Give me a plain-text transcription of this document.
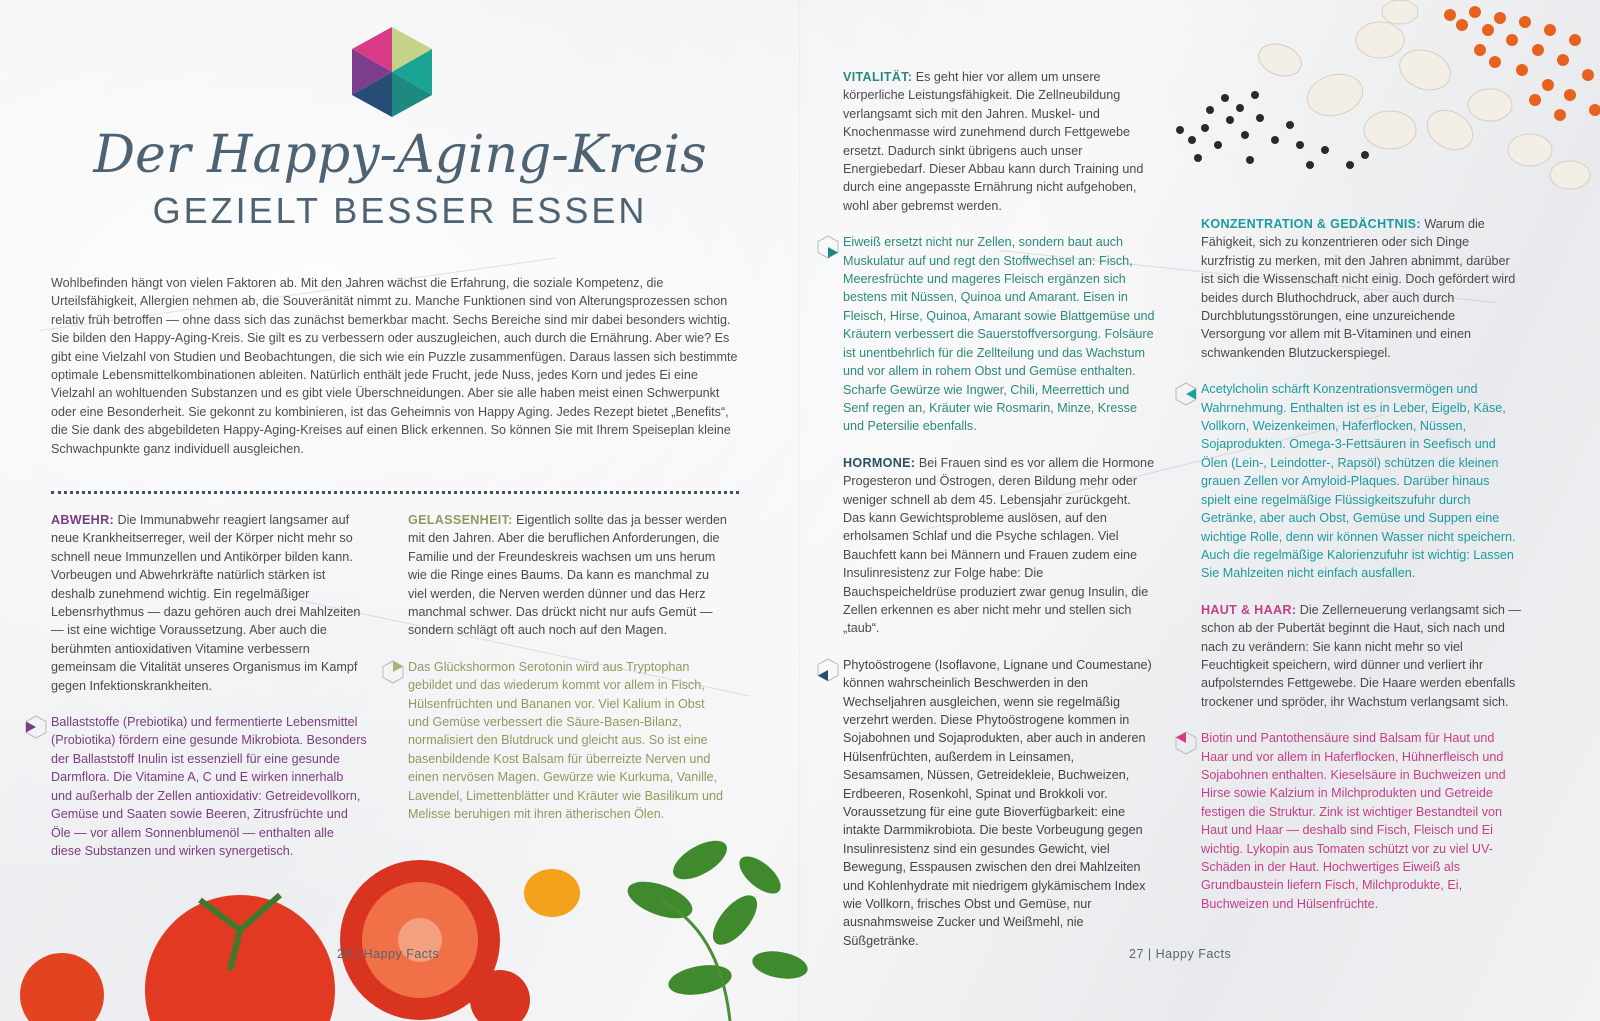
Der Happy-Aging-Kreis
GEZIELT BESSER ESSEN
Wohlbefinden hängt von vielen Faktoren ab. Mit den Jahren wächst die Erfahrung, die soziale Kompetenz, die Urteilsfähigkeit, Allergien nehmen ab, die Souveränität nimmt zu. Manche Funktionen sind von Alterungsprozessen schon relativ früh betroffen — ohne dass sich das zunächst bemerkbar macht. Sechs Bereiche sind mir dabei besonders wichtig. Sie bilden den Happy-Aging-Kreis. Sie gilt es zu verbessern oder auszugleichen, auch durch die Ernährung. Aber wie? Es gibt eine Vielzahl von Studien und Beobachtungen, die sich wie ein Puzzle zusammenfügen. Daraus lassen sich bestimmte optimale Lebensmittelkombinationen ableiten. Natürlich enthält jede Frucht, jede Nuss, jedes Korn und jedes Ei eine Vielzahl an wohltuenden Substanzen und es gibt viele Überschneidungen. Aber sie alle haben meist einen Schwerpunkt oder eine Besonderheit. Sie gekonnt zu kombinieren, ist das Geheimnis von Happy Aging. Jedes Rezept bietet „Benefits“, die Sie dank des abgebildeten Happy-Aging-Kreises auf einen Blick erkennen. So können Sie mit Ihrem Speiseplan kleine Schwachpunkte ganz individuell ausgleichen.

ABWEHR: Die Immunabwehr reagiert langsamer auf neue Krankheitserreger, weil der Körper nicht mehr so schnell neue Immunzellen und Antikörper bilden kann. Vorbeugen und Abwehrkräfte natürlich stärken ist deshalb zunehmend wichtig. Ein regelmäßiger Lebensrhythmus — dazu gehören auch drei Mahlzeiten — ist eine wichtige Voraussetzung. Aber auch die berühmten antioxidativen Vitamine verbessern gemeinsam die Vitalität unseres Organismus im Kampf gegen Infektionskrankheiten.

Ballaststoffe (Prebiotika) und fermentierte Lebensmittel (Probiotika) fördern eine gesunde Mikrobiota. Besonders der Ballaststoff Inulin ist essenziell für eine gesunde Darmflora. Die Vitamine A, C und E wirken innerhalb und außerhalb der Zellen antioxidativ: Getreidevollkorn, Gemüse und Saaten sowie Beeren, Zitrusfrüchte und Öle — vor allem Sonnenblumenöl — enthalten alle diese Substanzen und wirken synergetisch.

GELASSENHEIT: Eigentlich sollte das ja besser werden mit den Jahren. Aber die beruflichen Anforderungen, die Familie und der Freundeskreis wachsen um uns herum wie die Ringe eines Baums. Da kann es manchmal zu viel werden, die Nerven werden dünner und das Herz manchmal schwer. Das drückt nicht nur aufs Gemüt — sondern schlägt oft auch noch auf den Magen.

Das Glückshormon Serotonin wird aus Tryptophan gebildet und das wiederum kommt vor allem in Fisch, Hülsenfrüchten und Bananen vor. Viel Kalium in Obst und Gemüse verbessert die Säure-Basen-Bilanz, normalisiert den Blutdruck und gleicht aus. So ist eine basenbildende Kost Balsam für überreizte Nerven und einen nervösen Magen. Gewürze wie Kurkuma, Vanille, Lavendel, Limettenblätter und Kräuter wie Basilikum und Melisse beruhigen mit ihren ätherischen Ölen.

VITALITÄT: Es geht hier vor allem um unsere körperliche Leistungsfähigkeit. Die Zellneubildung verlangsamt sich mit den Jahren. Muskel- und Knochenmasse wird zunehmend durch Fettgewebe ersetzt. Dadurch sinkt übrigens auch unser Energiebedarf. Dieser Abbau kann durch Training und durch eine angepasste Ernährung nicht aufgehoben, wohl aber gebremst werden.

Eiweiß ersetzt nicht nur Zellen, sondern baut auch Muskulatur auf und regt den Stoffwechsel an: Fisch, Meeresfrüchte und mageres Fleisch ergänzen sich bestens mit Nüssen, Quinoa und Amarant. Eisen in Fleisch, Hirse, Quinoa, Amarant sowie Blattgemüse und Kräutern verbessert die Sauerstoffversorgung. Folsäure ist unentbehrlich für die Zellteilung und das Wachstum und vor allem in rohem Obst und Gemüse enthalten. Scharfe Gewürze wie Ingwer, Chili, Meerrettich und Senf regen an, Kräuter wie Rosmarin, Minze, Kresse und Petersilie ebenfalls.

HORMONE: Bei Frauen sind es vor allem die Hormone Progesteron und Östrogen, deren Bildung mehr oder weniger schnell ab dem 45. Lebensjahr zurückgeht. Das kann Gewichtsprobleme auslösen, auf den erholsamen Schlaf und die Psyche schlagen. Viel Bauchfett kann bei Männern und Frauen zudem eine Insulinresistenz zur Folge habe: Die Bauchspeicheldrüse produziert zwar genug Insulin, die Zellen erkennen es aber nicht mehr und stellen sich „taub“.

Phytoöstrogene (Isoflavone, Lignane und Coumestane) können wahrscheinlich Beschwerden in den Wechseljahren ausgleichen, wenn sie regelmäßig verzehrt werden. Diese Phytoöstrogene kommen in Sojabohnen und Sojaprodukten, aber auch in anderen Hülsenfrüchten, außerdem in Leinsamen, Sesamsamen, Nüssen, Getreidekleie, Buchweizen, Erdbeeren, Rosenkohl, Spinat und Brokkoli vor. Voraussetzung für eine gute Bioverfügbarkeit: eine intakte Darmmikrobiota. Die beste Vorbeugung gegen Insulinresistenz sind ein gesundes Gewicht, viel Bewegung, Esspausen zwischen den drei Mahlzeiten und Kohlenhydrate mit niedrigem glykämischem Index wie Vollkorn, frisches Obst und Gemüse, nur ausnahmsweise Zucker und Weißmehl, nie Süßgetränke.

KONZENTRATION & GEDÄCHTNIS: Warum die Fähigkeit, sich zu konzentrieren oder sich Dinge kurzfristig zu merken, mit den Jahren abnimmt, darüber ist sich die Wissenschaft nicht einig. Doch gefördert wird beides durch Bluthochdruck, aber auch durch Durchblutungsstörungen, eine unzureichende Versorgung vor allem mit B-Vitaminen und einen schwankenden Blutzuckerspiegel.

Acetylcholin schärft Konzentrationsvermögen und Wahrnehmung. Enthalten ist es in Leber, Eigelb, Käse, Vollkorn, Weizenkeimen, Haferflocken, Nüssen, Sojaprodukten. Omega-3-Fettsäuren in Seefisch und Ölen (Lein-, Leindotter-, Rapsöl) schützen die kleinen grauen Zellen vor Amyloid-Plaques. Darüber hinaus spielt eine regelmäßige Flüssigkeitszufuhr durch Getränke, aber auch Obst, Gemüse und Suppen eine wichtige Rolle, denn wir können Wasser nicht speichern. Auch die regelmäßige Kalorienzufuhr ist wichtig: Lassen Sie Mahlzeiten nicht einfach ausfallen.

HAUT & HAAR: Die Zellerneuerung verlangsamt sich — schon ab der Pubertät beginnt die Haut, sich nach und nach zu verändern: Sie kann nicht mehr so viel Feuchtigkeit speichern, wird dünner und verliert ihr aufpolsterndes Fettgewebe. Die Haare werden ebenfalls trockener und spröder, ihr Wachstum verlangsamt sich.

Biotin und Pantothensäure sind Balsam für Haut und Haar und vor allem in Haferflocken, Hühnerfleisch und Sojabohnen enthalten. Kieselsäure in Buchweizen und Hirse sowie Kalzium in Milchprodukten und Getreide festigen die Struktur. Zink ist wichtiger Bestandteil von Haut und Haar — deshalb sind Fisch, Fleisch und Ei wichtig. Lykopin aus Tomaten schützt vor zu viel UV-Schäden in der Haut. Hochwertiges Eiweiß als Grundbaustein liefern Fisch, Milchprodukte, Ei, Buchweizen und Hülsenfrüchte.

26 | Happy Facts	27 | Happy Facts
